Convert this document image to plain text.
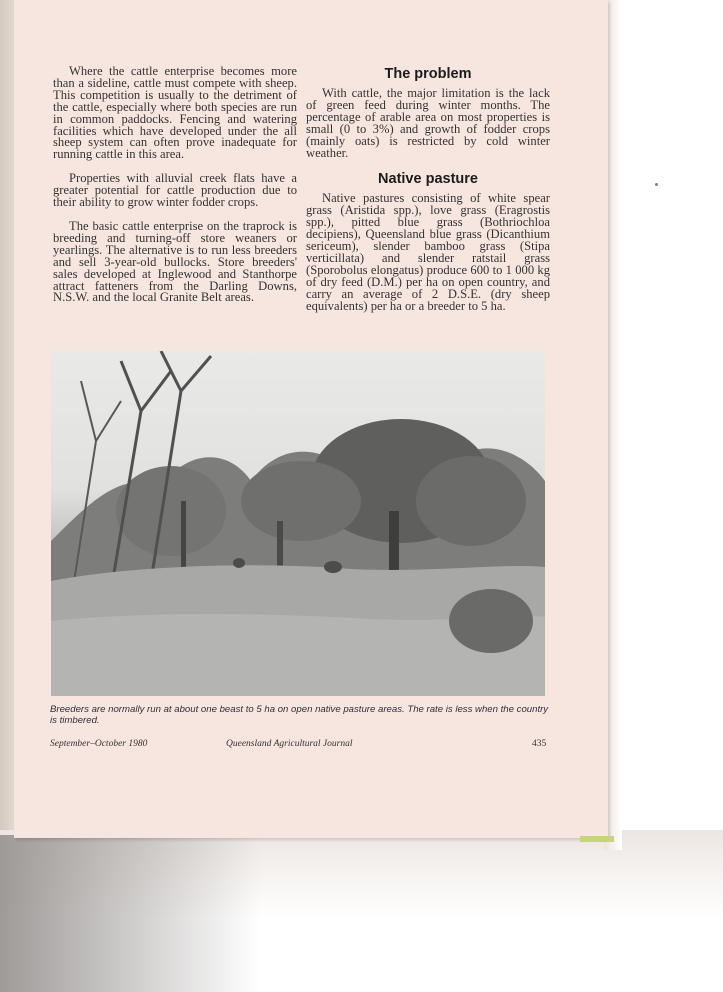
Where the cattle enterprise becomes more than a sideline, cattle must compete with sheep. This competition is usually to the detriment of the cattle, especially where both species are run in common paddocks. Fencing and watering facilities which have developed under the all sheep system can often prove inadequate for running cattle in this area.

Properties with alluvial creek flats have a greater potential for cattle production due to their ability to grow winter fodder crops.

The basic cattle enterprise on the traprock is breeding and turning-off store weaners or yearlings. The alternative is to run less breeders and sell 3-year-old bullocks. Store breeders' sales developed at Inglewood and Stanthorpe attract fatteners from the Darling Downs, N.S.W. and the local Granite Belt areas.

The problem

With cattle, the major limitation is the lack of green feed during winter months. The percentage of arable area on most properties is small (0 to 3%) and growth of fodder crops (mainly oats) is restricted by cold winter weather.

Native pasture

Native pastures consisting of white spear grass (Aristida spp.), love grass (Eragrostis spp.), pitted blue grass (Bothriochloa decipiens), Queensland blue grass (Dicanthium sericeum), slender bamboo grass (Stipa verticillata) and slender ratstail grass (Sporobolus elongatus) produce 600 to 1 000 kg of dry feed (D.M.) per ha on open country, and carry an average of 2 D.S.E. (dry sheep equivalents) per ha or a breeder to 5 ha.

Breeders are normally run at about one beast to 5 ha on open native pasture areas. The rate is less when the country is timbered.
September–October 1980	Queensland Agricultural Journal	435
